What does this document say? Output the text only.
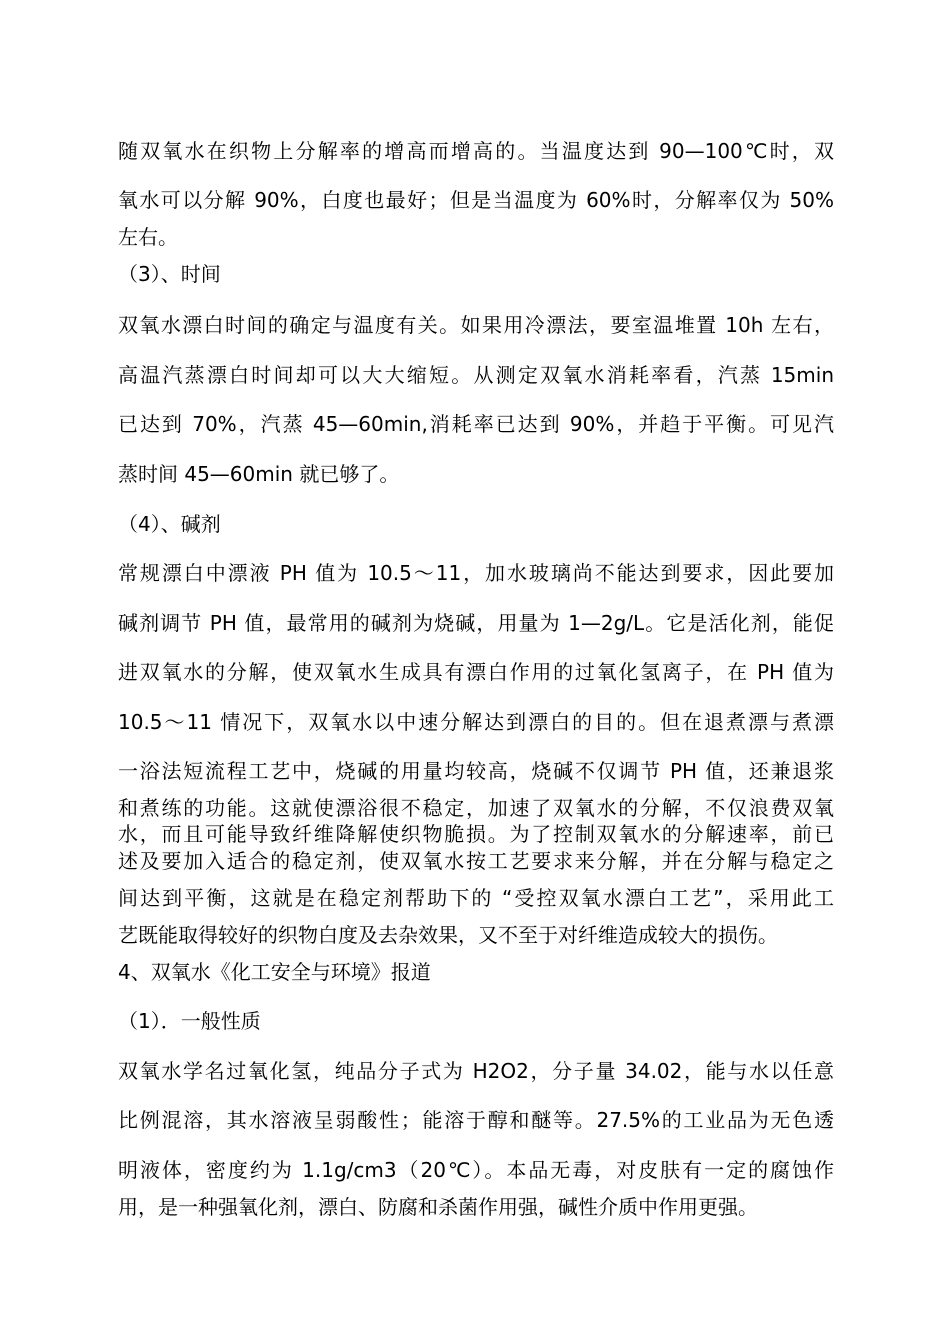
随双氧水在织物上分解率的增高而增高的。当温度达到 90—100℃时，双
氧水可以分解 90%，白度也最好；但是当温度为 60%时，分解率仅为 50%
左右。
（3）、时间
双氧水漂白时间的确定与温度有关。如果用冷漂法，要室温堆置 10h 左右，
高温汽蒸漂白时间却可以大大缩短。从测定双氧水消耗率看，汽蒸 15min
已达到 70%，汽蒸 45—60min,消耗率已达到 90%，并趋于平衡。可见汽
蒸时间 45—60min 就已够了。
（4）、碱剂
常规漂白中漂液 PH 值为 10.5～11，加水玻璃尚不能达到要求，因此要加
碱剂调节 PH 值，最常用的碱剂为烧碱，用量为 1—2g/L。它是活化剂，能促
进双氧水的分解，使双氧水生成具有漂白作用的过氧化氢离子，在 PH 值为
10.5～11 情况下，双氧水以中速分解达到漂白的目的。但在退煮漂与煮漂
一浴法短流程工艺中，烧碱的用量均较高，烧碱不仅调节 PH 值，还兼退浆
和煮练的功能。这就使漂浴很不稳定，加速了双氧水的分解，不仅浪费双氧
水，而且可能导致纤维降解使织物脆损。为了控制双氧水的分解速率，前已
述及要加入适合的稳定剂，使双氧水按工艺要求来分解，并在分解与稳定之
间达到平衡，这就是在稳定剂帮助下的 “受控双氧水漂白工艺”，采用此工
艺既能取得较好的织物白度及去杂效果，又不至于对纤维造成较大的损伤。
4、双氧水《化工安全与环境》报道
（1）．一般性质
双氧水学名过氧化氢，纯品分子式为 H2O2，分子量 34.02，能与水以任意
比例混溶，其水溶液呈弱酸性；能溶于醇和醚等。27.5%的工业品为无色透
明液体，密度约为 1.1g/cm3（20℃）。本品无毒，对皮肤有一定的腐蚀作
用，是一种强氧化剂，漂白、防腐和杀菌作用强，碱性介质中作用更强。
